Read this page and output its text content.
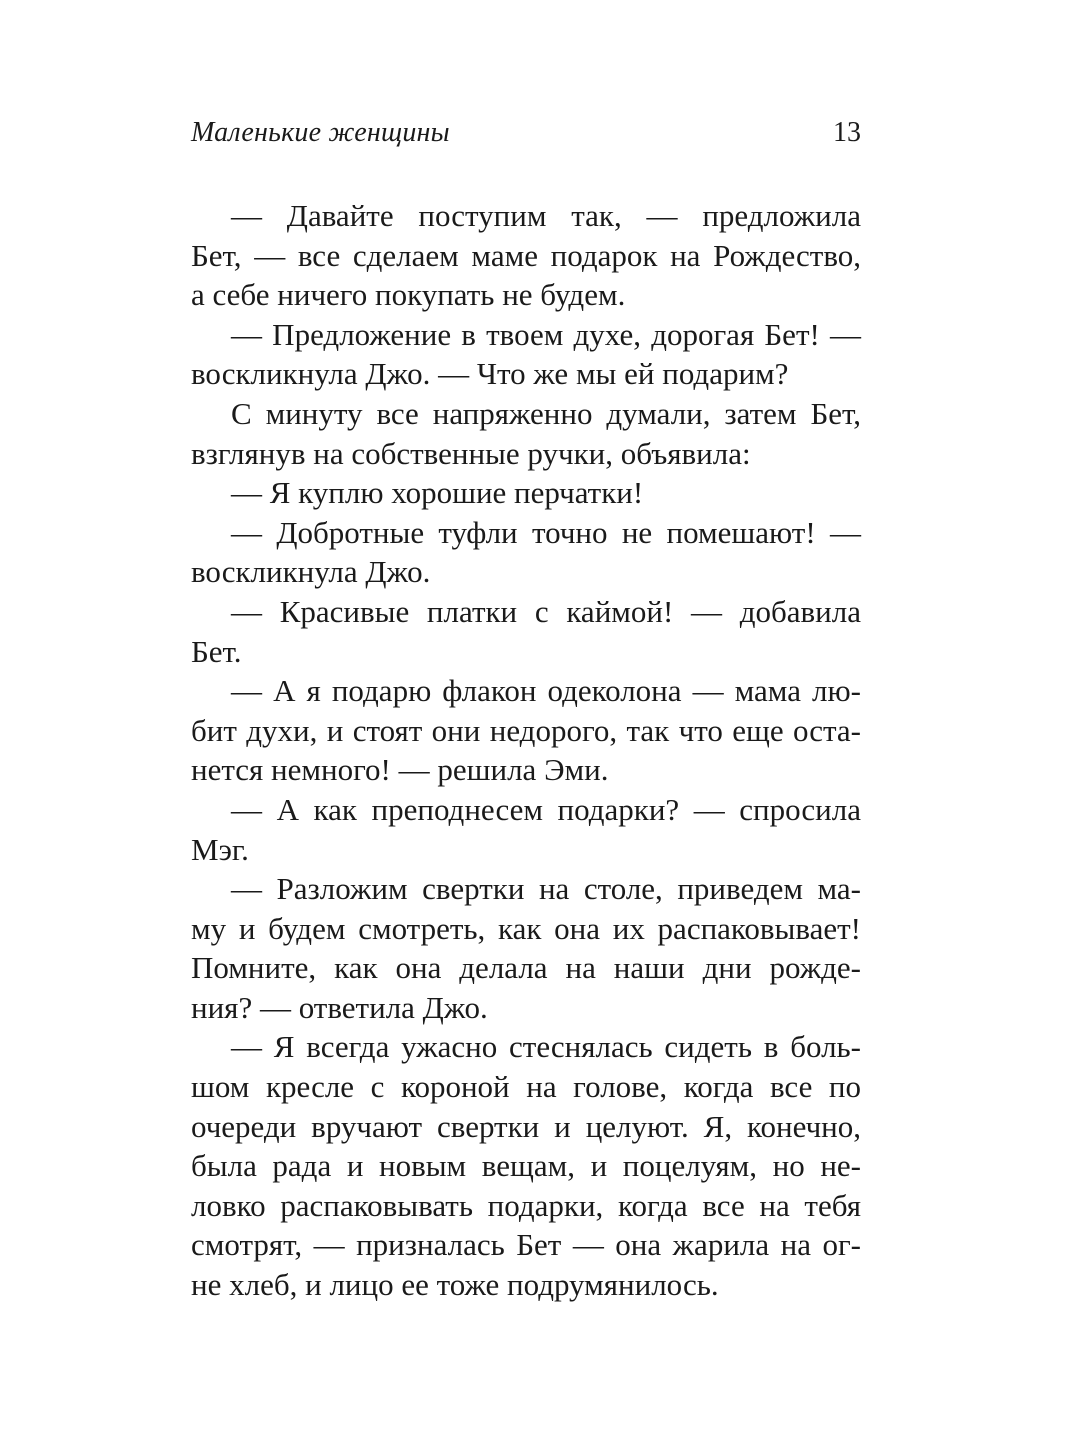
Маленькие женщины	13
— Давайте поступим так, — предложила
Бет, — все сделаем маме подарок на Рождество,
а себе ничего покупать не будем.
— Предложение в твоем духе, дорогая Бет! —
воскликнула Джо. — Что же мы ей подарим?
С минуту все напряженно думали, затем Бет,
взглянув на собственные ручки, объявила:
— Я куплю хорошие перчатки!
— Добротные туфли точно не помешают! —
воскликнула Джо.
— Красивые платки с каймой! — добавила
Бет.
— А я подарю флакон одеколона — мама лю-
бит духи, и стоят они недорого, так что еще оста-
нется немного! — решила Эми.
— А как преподнесем подарки? — спросила
Мэг.
— Разложим свертки на столе, приведем ма-
му и будем смотреть, как она их распаковывает!
Помните, как она делала на наши дни рожде-
ния? — ответила Джо.
— Я всегда ужасно стеснялась сидеть в боль-
шом кресле с короной на голове, когда все по
очереди вручают свертки и целуют. Я, конечно,
была рада и новым вещам, и поцелуям, но не-
ловко распаковывать подарки, когда все на тебя
смотрят, — призналась Бет — она жарила на ог-
не хлеб, и лицо ее тоже подрумянилось.
